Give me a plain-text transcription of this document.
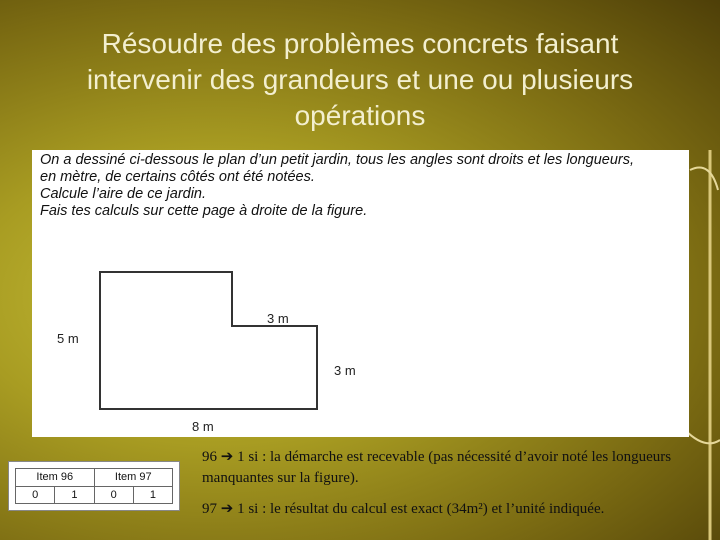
Résoudre des problèmes concrets faisant
intervenir des grandeurs et une ou plusieurs
opérations
On a dessiné ci-dessous le plan d’un petit jardin, tous les angles sont droits et les longueurs,
en mètre, de certains côtés ont été notées.
Calcule l’aire de ce jardin.
Fais tes calculs sur cette page à droite de la figure.
5 m
3 m
3 m
8 m
Item 96		Item 97	
0	1	0	1

96 ➔ 1 si : la démarche est recevable (pas nécessité d’avoir noté les longueurs manquantes sur la figure).

97 ➔ 1 si : le résultat du calcul est exact (34m²) et l’unité indiquée.
